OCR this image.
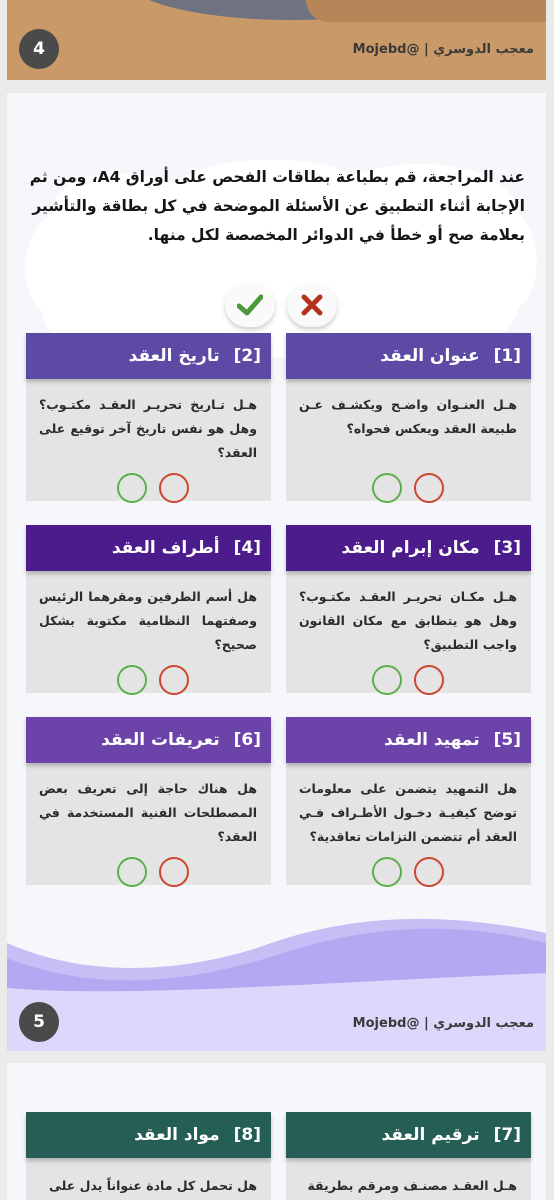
4	معجب الدوسري | @Mojebd
عند المراجعة، قم بطباعة بطاقات الفحص على أوراق A4، ومن ثم الإجابة أثناء التطبيق عن الأسئلة الموضحة في كل بطاقة والتأشير بعلامة صح أو خطأ في الدوائر المخصصة لكل منها.
[1]
عنوان العقد
هـل العنـوان واضـح ويكشـف عـن طبيعة العقد ويعكس فحواه؟
[2]
تاريخ العقد
هـل تـاريخ تحريـر العقـد مكتـوب؟ وهل هو نفس تاريخ آخر توقيع على العقد؟
[3]
مكان إبرام العقد
هـل مكـان تحريـر العقـد مكتـوب؟ وهل هو يتطابق مع مكان القانون واجب التطبيق؟
[4]
أطراف العقد
هل أسم الطرفين ومقرهما الرئيس وصفتهما النظامية مكتوبة بشكل صحيح؟
[5]
تمهيد العقد
هل التمهيد يتضمن على معلومات توضح كيفيـة دخـول الأطـراف فـي العقد أم تتضمن التزامات تعاقدية؟
[6]
تعريفات العقد
هل هناك حاجة إلى تعريف بعض المصطلحات الفنية المستخدمة في العقد؟
5	معجب الدوسري | @Mojebd
[7]
ترقيم العقد
هـل العقـد مصنـف ومرقم بطريقة
[8]
مواد العقد
هل تحمل كل مادة عنواناً يدل على
